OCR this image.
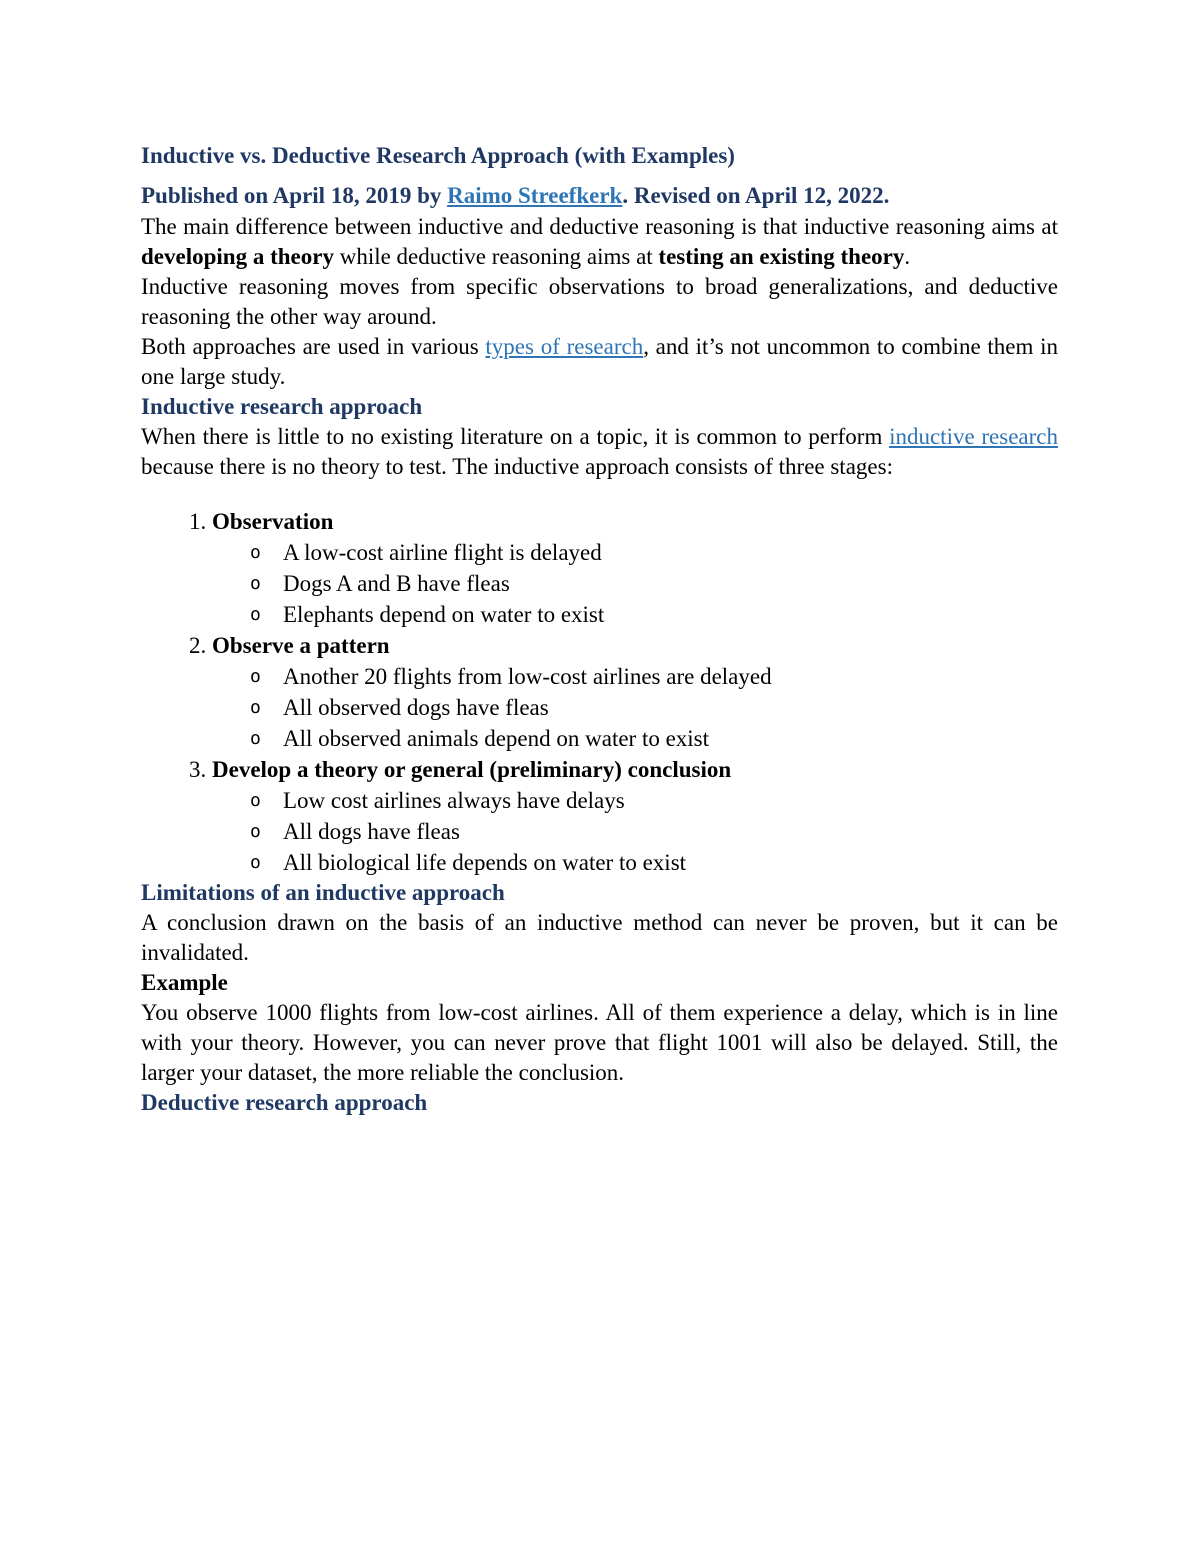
Inductive vs. Deductive Research Approach (with Examples)

Published on April 18, 2019 by Raimo Streefkerk. Revised on April 12, 2022.

The main difference between inductive and deductive reasoning is that inductive reasoning aims at developing a theory while deductive reasoning aims at testing an existing theory.

Inductive reasoning moves from specific observations to broad generalizations, and deductive reasoning the other way around.

Both approaches are used in various types of research, and it’s not uncommon to combine them in one large study.

Inductive research approach

When there is little to no existing literature on a topic, it is common to perform inductive research because there is no theory to test. The inductive approach consists of three stages:

1. Observation
o A low-cost airline flight is delayed
o Dogs A and B have fleas
o Elephants depend on water to exist
2. Observe a pattern
o Another 20 flights from low-cost airlines are delayed
o All observed dogs have fleas
o All observed animals depend on water to exist
3. Develop a theory or general (preliminary) conclusion
o Low cost airlines always have delays
o All dogs have fleas
o All biological life depends on water to exist
Limitations of an inductive approach

A conclusion drawn on the basis of an inductive method can never be proven, but it can be invalidated.

Example

You observe 1000 flights from low-cost airlines. All of them experience a delay, which is in line with your theory. However, you can never prove that flight 1001 will also be delayed. Still, the larger your dataset, the more reliable the conclusion.

Deductive research approach
